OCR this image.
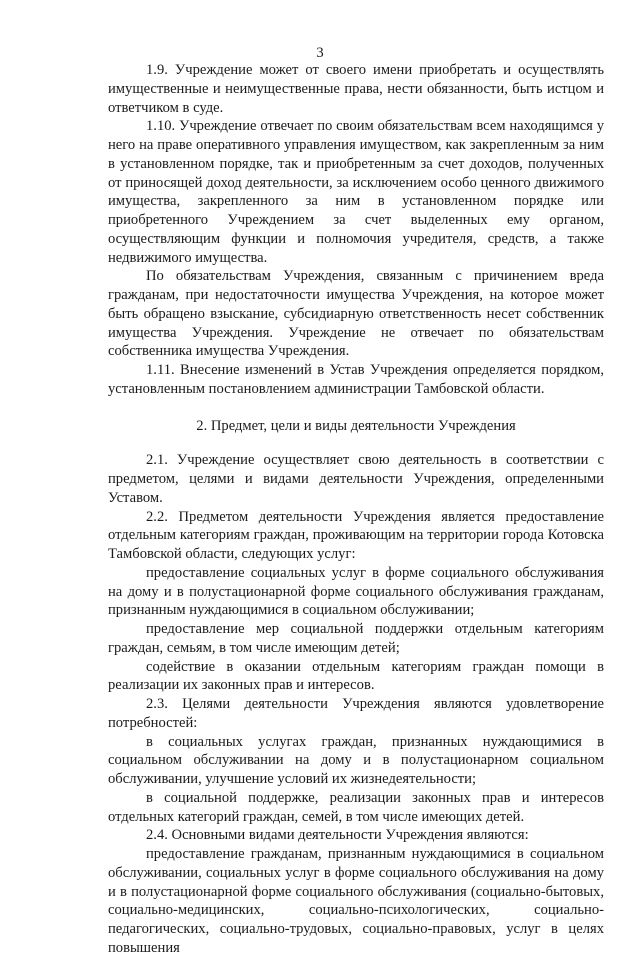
3

1.9. Учреждение может от своего имени приобретать и осуществлять имущественные и неимущественные права, нести обязанности, быть истцом и ответчиком в суде.

1.10. Учреждение отвечает по своим обязательствам всем находящимся у него на праве оперативного управления имуществом, как закрепленным за ним в установленном порядке, так и приобретенным за счет доходов, полученных от приносящей доход деятельности, за исключением особо ценного движимого имущества, закрепленного за ним в установленном порядке или приобретенного Учреждением за счет выделенных ему органом, осуществляющим функции и полномочия учредителя, средств, а также недвижимого имущества.

По обязательствам Учреждения, связанным с причинением вреда гражданам, при недостаточности имущества Учреждения, на которое может быть обращено взыскание, субсидиарную ответственность несет собственник имущества Учреждения. Учреждение не отвечает по обязательствам собственника имущества Учреждения.

1.11. Внесение изменений в Устав Учреждения определяется порядком, установленным постановлением администрации Тамбовской области.

2. Предмет, цели и виды деятельности Учреждения

2.1. Учреждение осуществляет свою деятельность в соответствии с предметом, целями и видами деятельности Учреждения, определенными Уставом.

2.2. Предметом деятельности Учреждения является предоставление отдельным категориям граждан, проживающим на территории города Котовска Тамбовской области, следующих услуг:

предоставление социальных услуг в форме социального обслуживания на дому и в полустационарной форме социального обслуживания гражданам, признанным нуждающимися в социальном обслуживании;

предоставление мер социальной поддержки отдельным категориям граждан, семьям, в том числе имеющим детей;

содействие в оказании отдельным категориям граждан помощи в реализации их законных прав и интересов.

2.3. Целями деятельности Учреждения являются удовлетворение потребностей:

в социальных услугах граждан, признанных нуждающимися в социальном обслуживании на дому и в полустационарном социальном обслуживании, улучшение условий их жизнедеятельности;

в социальной поддержке, реализации законных прав и интересов отдельных категорий граждан, семей, в том числе имеющих детей.

2.4. Основными видами деятельности Учреждения являются:

предоставление гражданам, признанным нуждающимися в социальном обслуживании, социальных услуг в форме социального обслуживания на дому и в полустационарной форме социального обслуживания (социально-бытовых, социально-медицинских, социально-психологических, социально-педагогических, социально-трудовых, социально-правовых, услуг в целях повышения
